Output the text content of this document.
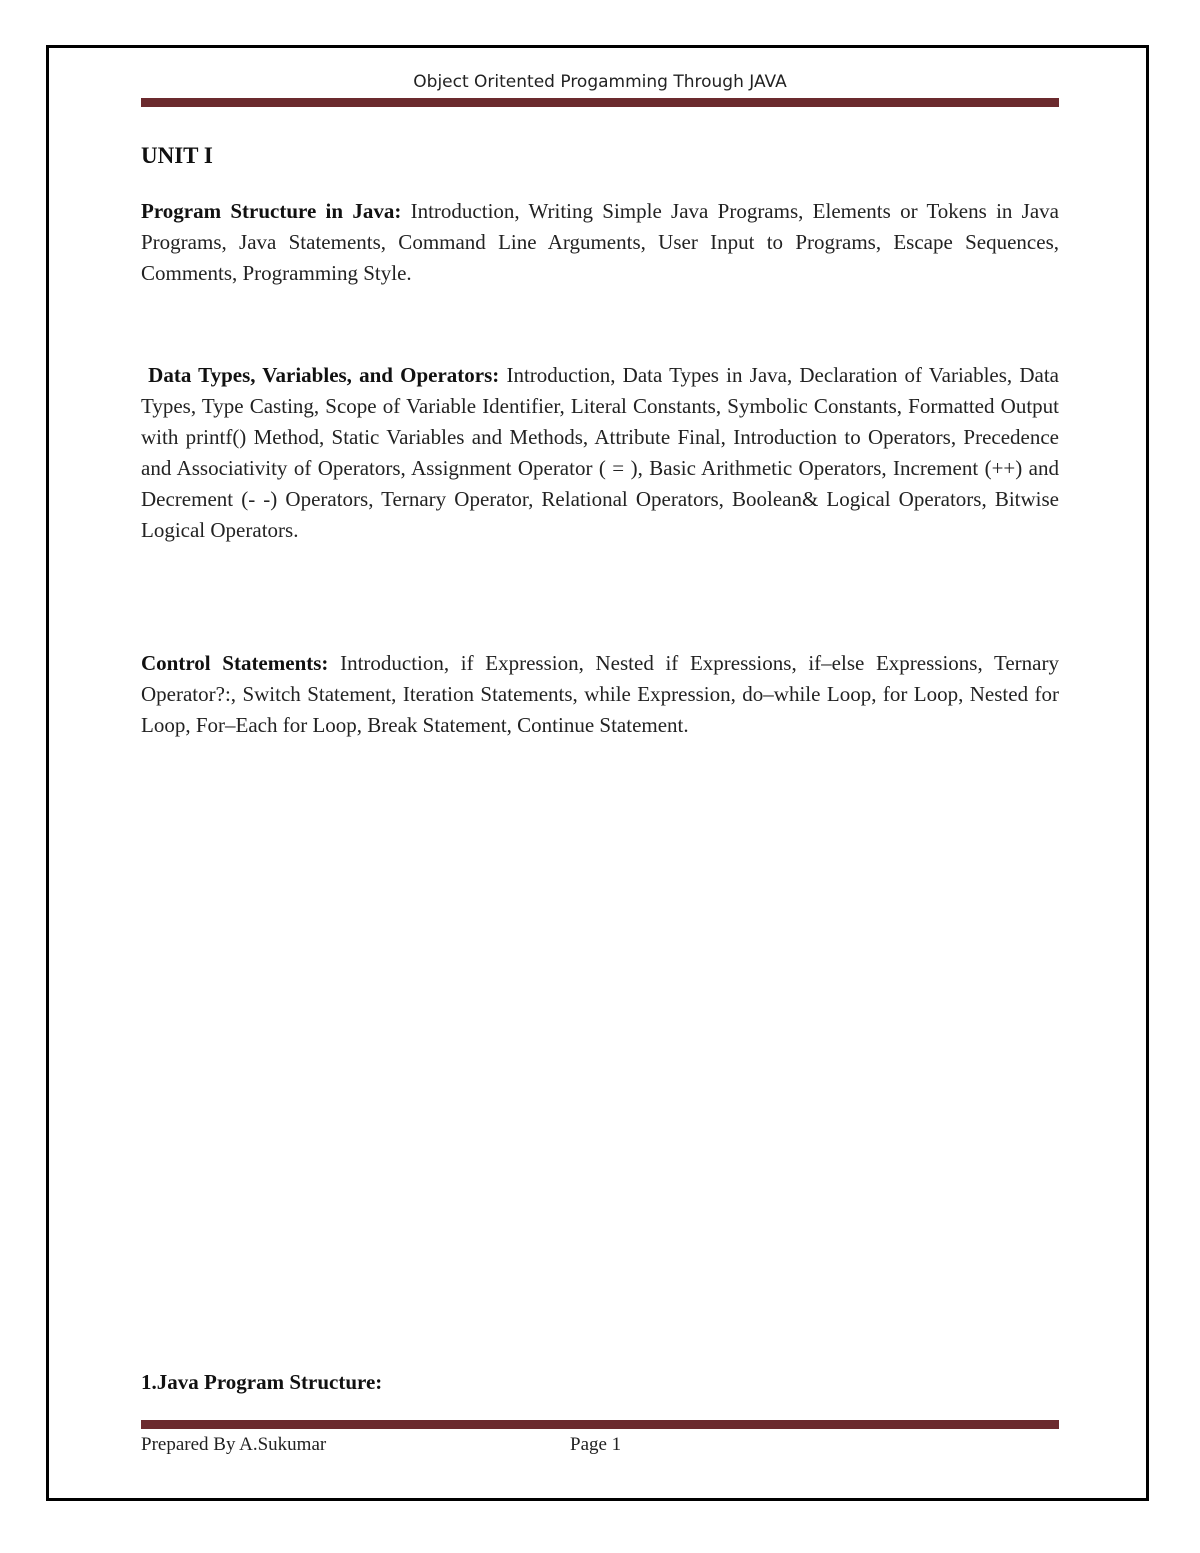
Object Oritented Progamming Through JAVA
UNIT I
Program Structure in Java: Introduction, Writing Simple Java Programs, Elements or Tokens in Java Programs, Java Statements, Command Line Arguments, User Input to Programs, Escape Sequences, Comments, Programming Style.
Data Types, Variables, and Operators: Introduction, Data Types in Java, Declaration of Variables, Data Types, Type Casting, Scope of Variable Identifier, Literal Constants, Symbolic Constants, Formatted Output with printf() Method, Static Variables and Methods, Attribute Final, Introduction to Operators, Precedence and Associativity of Operators, Assignment Operator ( = ), Basic Arithmetic Operators, Increment (++) and Decrement (- -) Operators, Ternary Operator, Relational Operators, Boolean& Logical Operators, Bitwise Logical Operators.
Control Statements: Introduction, if Expression, Nested if Expressions, if–else Expressions, Ternary Operator?:, Switch Statement, Iteration Statements, while Expression, do–while Loop, for Loop, Nested for Loop, For–Each for Loop, Break Statement, Continue Statement.
1.Java Program Structure:
Prepared By A.Sukumar	Page 1
